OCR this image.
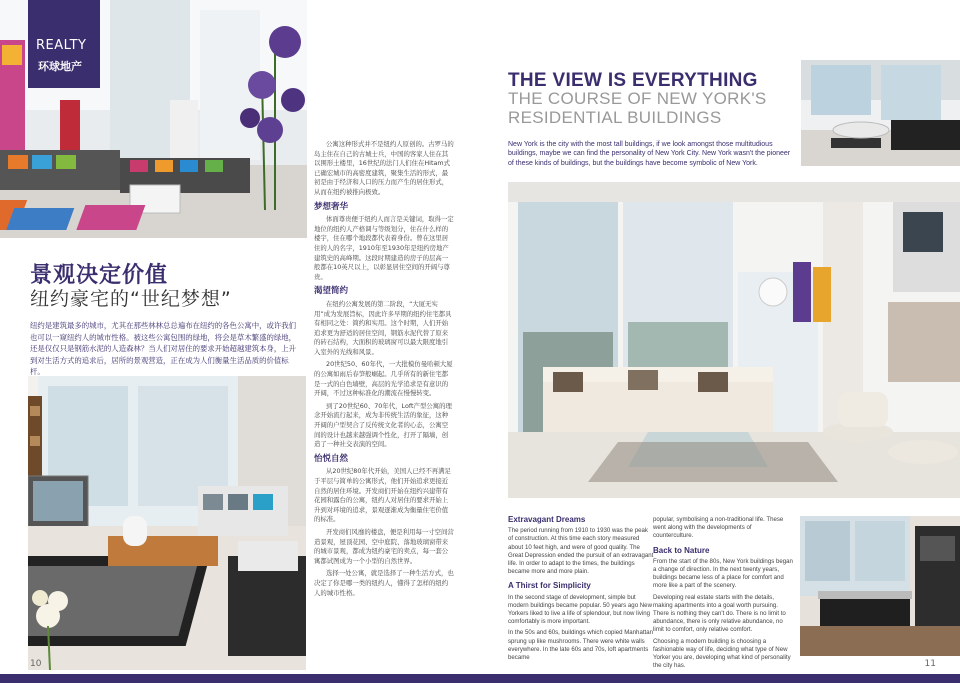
REALTY
环球地产
景观决定价值
纽约豪宅的“世纪梦想”
纽约是建筑最多的城市，尤其在那些林林总总遍布在纽约的各色公寓中，或许我们也可以一窥纽约人的城市性格。被这些公寓包围的绿地，将会是草木繁盛的绿地，还是仅仅只是钢筋水泥的人造森林？当人们对居住的要求开始超越建筑本身，上升到对生活方式的追求后，居所的景观营造，正在成为人们衡量生活品质的价值标杆。

公寓这种形式并不是纽约人原创的。古罗马的岛主住在自己的古城士兵，中国的客家人住在其以围形土楼里，16世纪的法门人们住在Hitam式已确宏城市的高密度建筑，聚集生活的形式，最初是由于经济和人口的压力而产生的居住形式，从而在纽约被推向极致。

梦想奢华

体面尊贵便于纽约人而言是关键词，取得一定地位的纽约人产格调与等级划分，住在什么样的楼宇，住在哪个地段都代表着身份。曾在这里居住的人的名字，1910年至1930年是纽约房地产建筑史的高峰期。这段时期建造的房子的层高一般都在10英尺以上，以彰显居住空间的开阔与尊贵。

渴望简约

在纽约公寓发展的第二阶段，“大厦无实用”成为发展旨标，因此许多早期的纽约住宅都具有相同之处：简约和实用。这个时期，人们开始追求更为舒适的居住空间，钢筋水泥代替了原来的砖石结构，大面积的玻璃窗可以最大限度地引入室外的光线和风景。

20世纪50、60年代，一大批模仿曼哈顿大厦的公寓如雨后春笋般崛起。几乎所有的新住宅都是一式的白色墙壁，高层的光学追求是有意识的开阔，不过这种标准化的潮流在慢慢转变。

到了20世纪60、70年代，Loft产型公寓的理念开始流行起来，成为非传统生活的象征，这种开阔的户型契合了反传统文化者的心态，公寓空间的设计也越来越强调个性化，打开了隔墙，创造了一种社交表演的空间。

怡悦自然

从20世纪80年代开始，美国人已经不再满足于平层与简单的公寓形式，他们开始追求更接近自然的居住环境。开发商们开始在纽约兴建带有花园和露台的公寓，纽约人对居住的要求开始上升到对环境的追求，景观逐渐成为衡量住宅价值的标准。

开发商们风靡的楼盘，便是利用每一寸空间营造景观，屋顶花园、空中庭院、落地玻璃窗带来的城市景观，都成为纽约豪宅的卖点，每一套公寓都试图成为一个小型的自然世界。

选择一处公寓，就是选择了一种生活方式，也决定了你是哪一类的纽约人，懂得了怎样的纽约人的城市性格。

10
THE VIEW IS EVERYTHING
THE COURSE OF NEW YORK'S
RESIDENTIAL BUILDINGS
New York is the city with the most tall buildings, if we look amongst those multitudious buildings, maybe we can find the personality of New York City. New York wasn't the pioneer of these kinds of buildings, but the buildings have become symbolic of New York.
Extravagant Dreams

The period running from 1910 to 1930 was the peak of construction. At this time each story measured about 10 feet high, and were of good quality. The Great Depression ended the pursuit of an extravagant life. In order to adapt to the times, the buildings became more and more plain.

A Thirst for Simplicity

In the second stage of development, simple but modern buildings became popular. 50 years ago New Yorkers liked to live a life of splendour, but now living comfortably is more important.

In the 50s and 60s, buildings which copied Manhattan sprung up like mushrooms. There were white walls everywhere. In the late 60s and 70s, loft apartments became

popular, symbolising a non-traditional life. These went along with the developments of counterculture.

Back to Nature

From the start of the 80s, New York buildings began a change of direction. In the next twenty years, buildings became less of a place for comfort and more like a part of the scenery.

Developing real estate starts with the details, making apartments into a goal worth pursuing. There is nothing they can't do. There is no limit to abundance, there is only relative abundance, no limit to comfort, only relative comfort.

Choosing a modern building is choosing a fashionable way of life, deciding what type of New Yorker you are, developing what kind of personality the city has.	11
